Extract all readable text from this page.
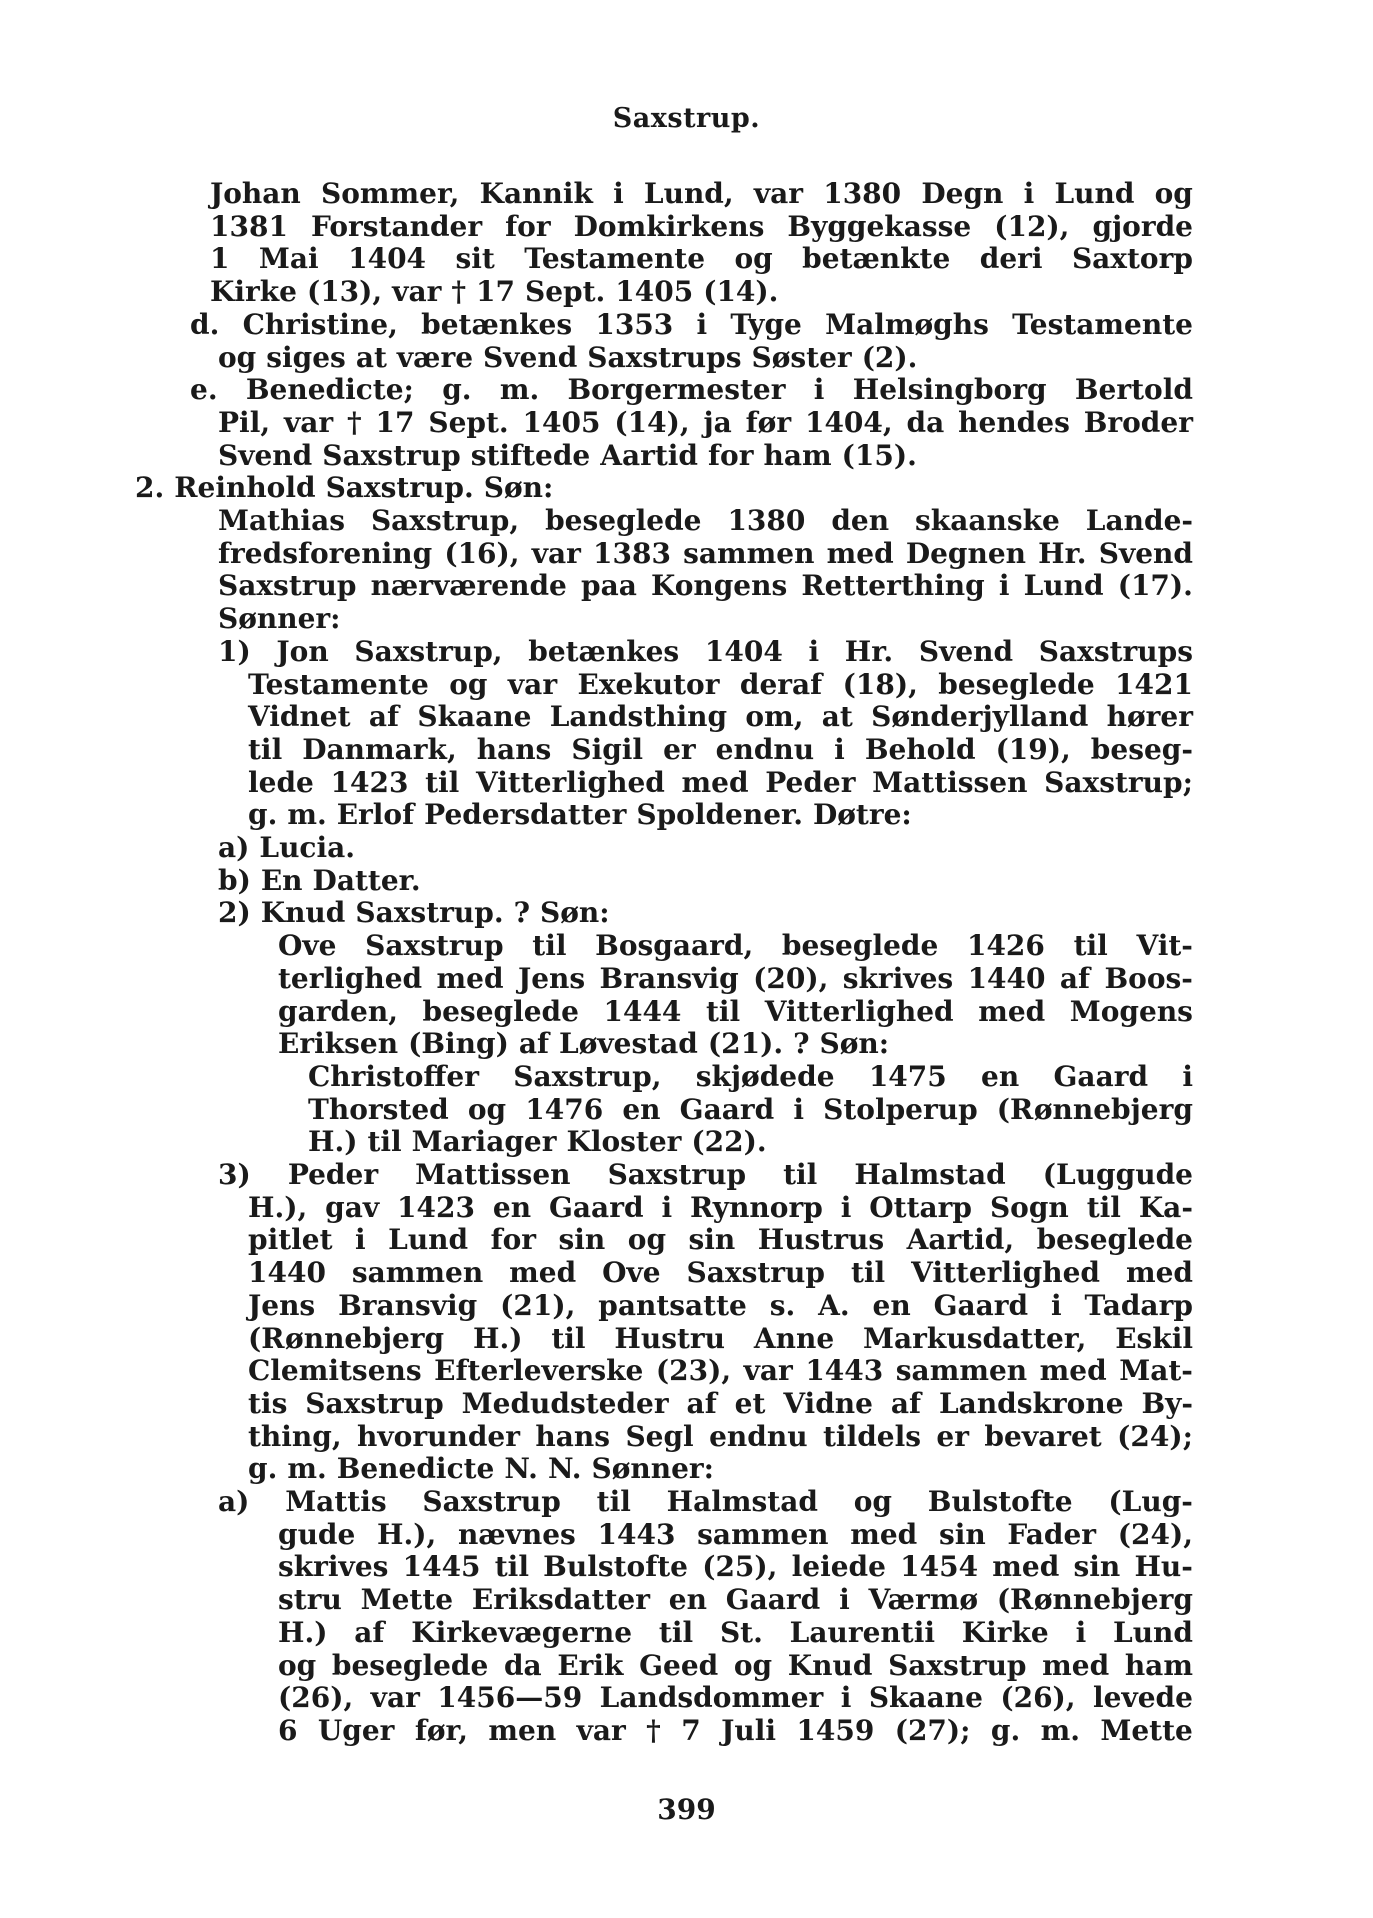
Saxstrup.
Johan Sommer, Kannik i Lund, var 1380 Degn i Lund og
1381 Forstander for Domkirkens Byggekasse (12), gjorde
1 Mai 1404 sit Testamente og betænkte deri Saxtorp
Kirke (13), var † 17 Sept. 1405 (14).
d. Christine, betænkes 1353 i Tyge Malmøghs Testamente
og siges at være Svend Saxstrups Søster (2).
e. Benedicte; g. m. Borgermester i Helsingborg Bertold
Pil, var † 17 Sept. 1405 (14), ja før 1404, da hendes Broder
Svend Saxstrup stiftede Aartid for ham (15).
2. Reinhold Saxstrup. Søn:
Mathias Saxstrup, beseglede 1380 den skaanske Lande-
fredsforening (16), var 1383 sammen med Degnen Hr. Svend
Saxstrup nærværende paa Kongens Retterthing i Lund (17).
Sønner:
1) Jon Saxstrup, betænkes 1404 i Hr. Svend Saxstrups
Testamente og var Exekutor deraf (18), beseglede 1421
Vidnet af Skaane Landsthing om, at Sønderjylland hører
til Danmark, hans Sigil er endnu i Behold (19), beseg-
lede 1423 til Vitterlighed med Peder Mattissen Saxstrup;
g. m. Erlof Pedersdatter Spoldener. Døtre:
a) Lucia.
b) En Datter.
2) Knud Saxstrup. ? Søn:
Ove Saxstrup til Bosgaard, beseglede 1426 til Vit-
terlighed med Jens Bransvig (20), skrives 1440 af Boos-
garden, beseglede 1444 til Vitterlighed med Mogens
Eriksen (Bing) af Løvestad (21). ? Søn:
Christoffer Saxstrup, skjødede 1475 en Gaard i
Thorsted og 1476 en Gaard i Stolperup (Rønnebjerg
H.) til Mariager Kloster (22).
3) Peder Mattissen Saxstrup til Halmstad (Luggude
H.), gav 1423 en Gaard i Rynnorp i Ottarp Sogn til Ka-
pitlet i Lund for sin og sin Hustrus Aartid, beseglede
1440 sammen med Ove Saxstrup til Vitterlighed med
Jens Bransvig (21), pantsatte s. A. en Gaard i Tadarp
(Rønnebjerg H.) til Hustru Anne Markusdatter, Eskil
Clemitsens Efterleverske (23), var 1443 sammen med Mat-
tis Saxstrup Medudsteder af et Vidne af Landskrone By-
thing, hvorunder hans Segl endnu tildels er bevaret (24);
g. m. Benedicte N. N. Sønner:
a) Mattis Saxstrup til Halmstad og Bulstofte (Lug-
gude H.), nævnes 1443 sammen med sin Fader (24),
skrives 1445 til Bulstofte (25), leiede 1454 med sin Hu-
stru Mette Eriksdatter en Gaard i Værmø (Rønnebjerg
H.) af Kirkevægerne til St. Laurentii Kirke i Lund
og beseglede da Erik Geed og Knud Saxstrup med ham
(26), var 1456—59 Landsdommer i Skaane (26), levede
6 Uger før, men var † 7 Juli 1459 (27); g. m. Mette
399
